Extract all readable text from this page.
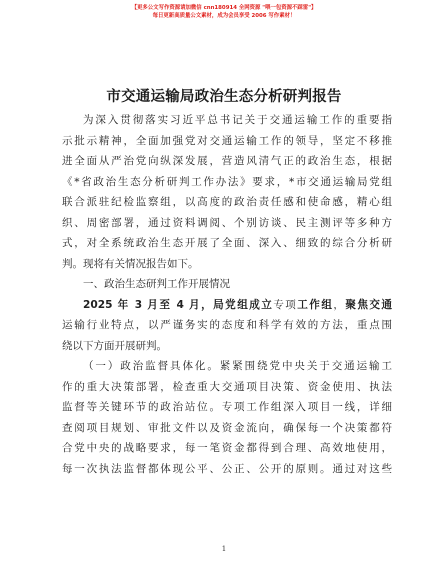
【更多公文写作资源请加微信 cnn180914 全网资源 "喂一包资源不踩雷"】
每日更新高质量公文素材，成为会员享受 2006 写作素材！
市交通运输局政治生态分析研判报告
为深入贯彻落实习近平总书记关于交通运输工作的重要指
示批示精神，全面加强党对交通运输工作的领导，坚定不移推
进全面从严治党向纵深发展，营造风清气正的政治生态，根据
《*省政治生态分析研判工作办法》要求，*市交通运输局党组
联合派驻纪检监察组，以高度的政治责任感和使命感，精心组
织、周密部署，通过资料调阅、个别访谈、民主测评等多种方
式，对全系统政治生态开展了全面、深入、细致的综合分析研
判。现将有关情况报告如下。
一、政治生态研判工作开展情况
2025 年 3 月至 4 月，局党组成立专项工作组，聚焦交通
运输行业特点，以严谨务实的态度和科学有效的方法，重点围
绕以下方面开展研判。
（一）政治监督具体化。紧紧围绕党中央关于交通运输工
作的重大决策部署，检查重大交通项目决策、资金使用、执法
监督等关键环节的政治站位。专项工作组深入项目一线，详细
查阅项目规划、审批文件以及资金流向，确保每一个决策都符
合党中央的战略要求，每一笔资金都得到合理、高效地使用，
每一次执法监督都体现公平、公正、公开的原则。通过对这些
1
